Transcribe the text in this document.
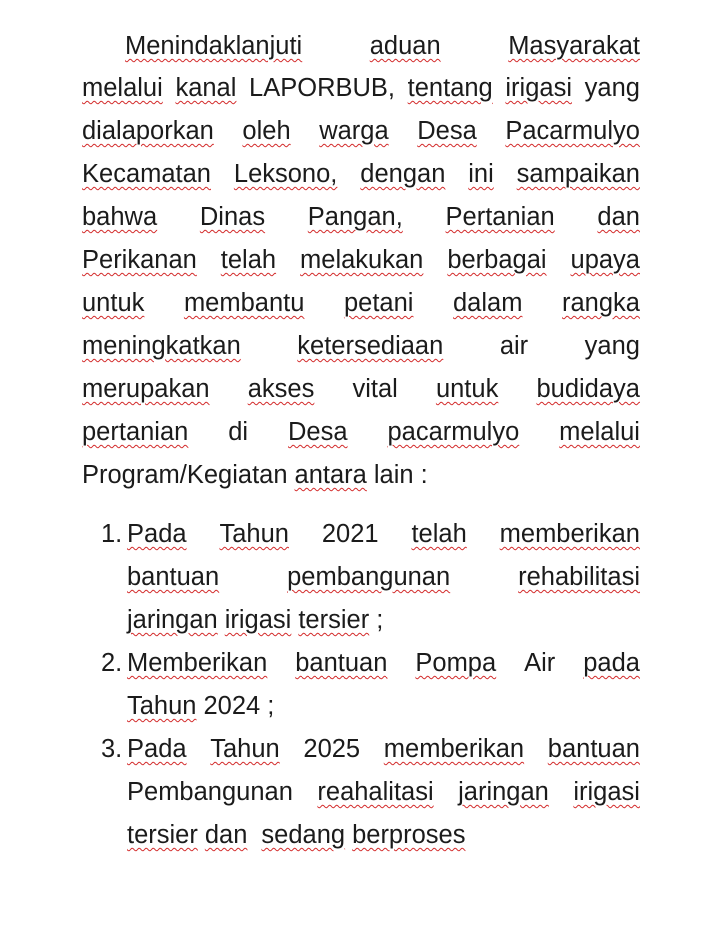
Menindaklanjuti	aduan	Masyarakat
melalui kanal LAPORBUB, tentang irigasi yang
dialaporkan oleh warga Desa Pacarmulyo
Kecamatan Leksono, dengan ini sampaikan
bahwa Dinas Pangan, Pertanian dan
Perikanan telah melakukan berbagai upaya
untuk membantu petani dalam rangka
meningkatkan ketersediaan air yang
merupakan akses vital untuk budidaya
pertanian di Desa pacarmulyo melalui
Program/Kegiatan antara lain :
1. Pada Tahun 2021 telah memberikan
bantuan	pembangunan	rehabilitasi
jaringan irigasi tersier ;
2. Memberikan bantuan Pompa Air pada
Tahun 2024 ;
3. Pada Tahun 2025 memberikan bantuan
Pembangunan reahalitasi jaringan irigasi
tersier dan sedang berproses
